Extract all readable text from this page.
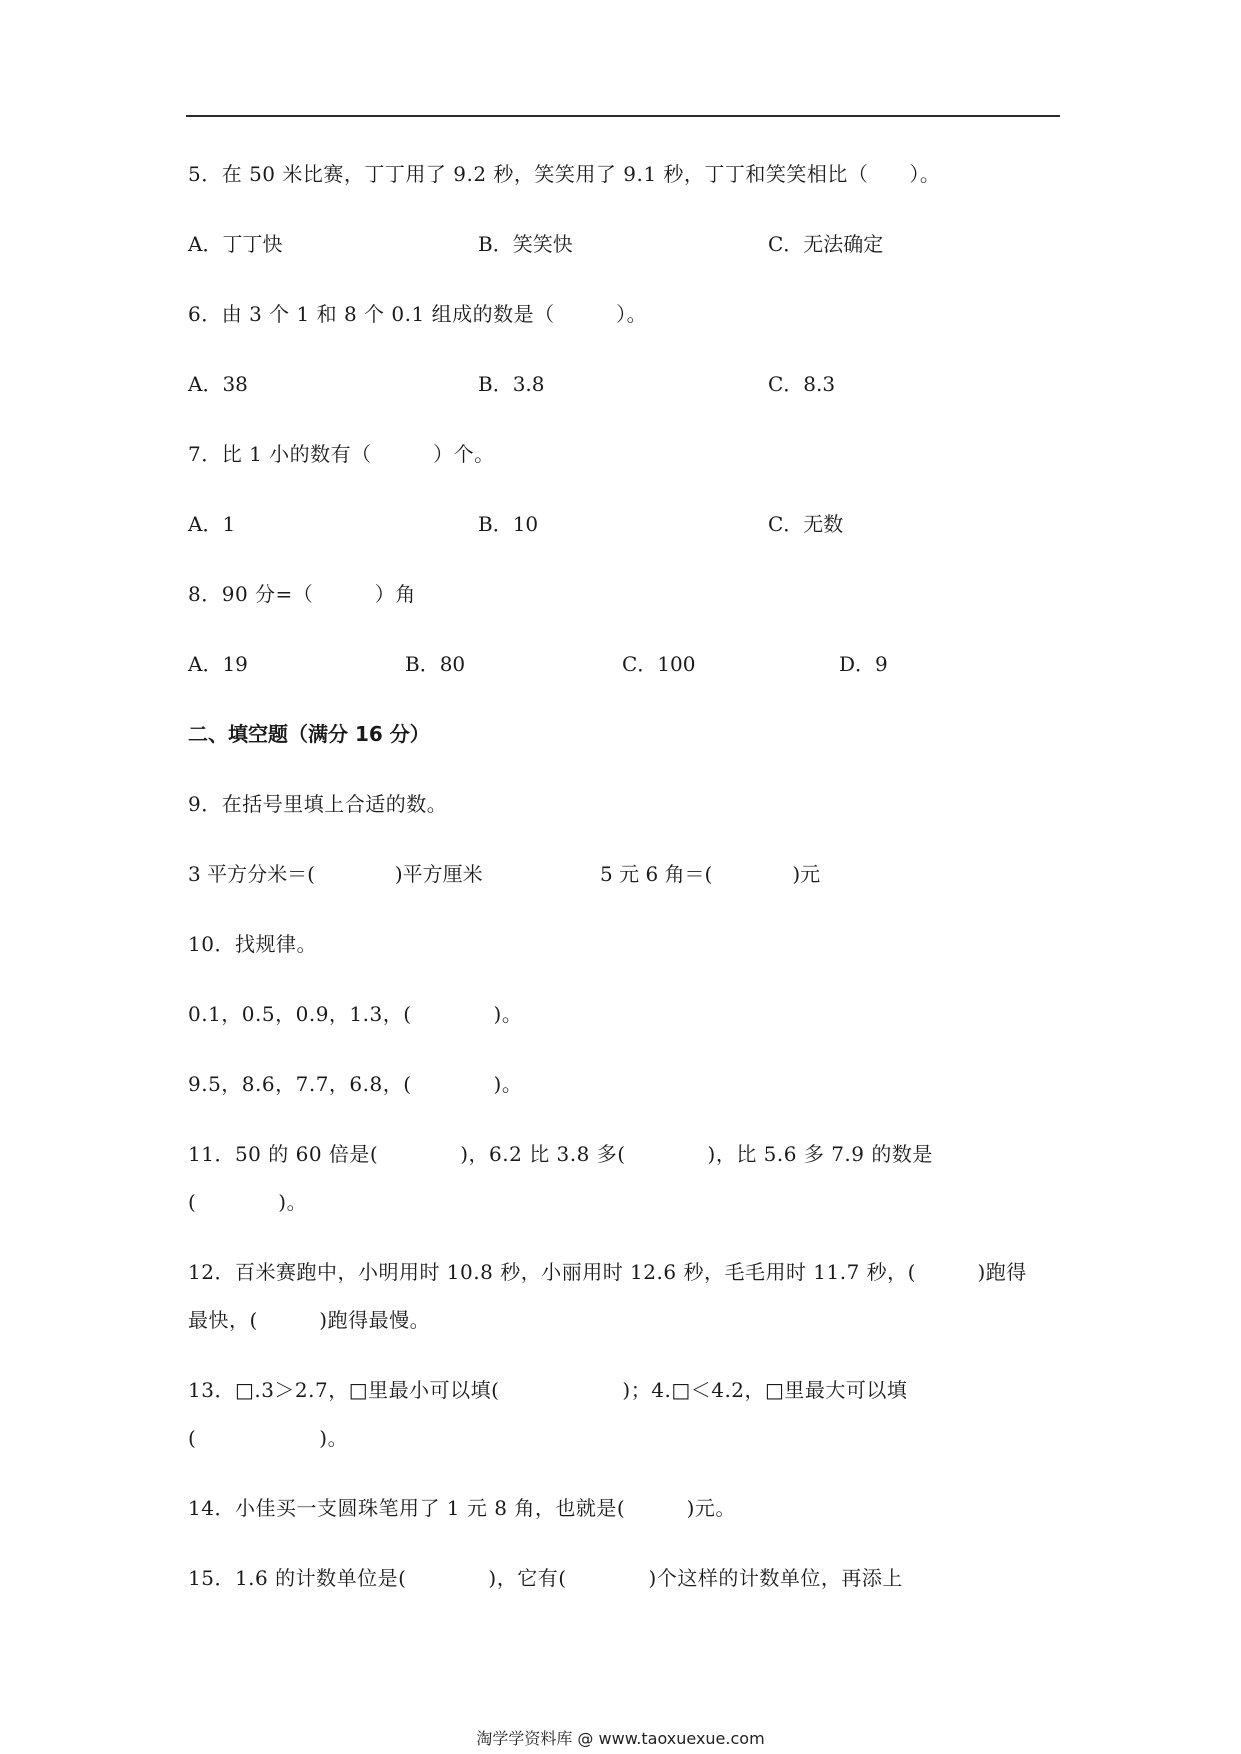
5．在 50 米比赛，丁丁用了 9.2 秒，笑笑用了 9.1 秒，丁丁和笑笑相比（　　）。
A．丁丁快	B．笑笑快	C．无法确定
6．由 3 个 1 和 8 个 0.1 组成的数是（　　　）。
A．38	B．3.8	C．8.3
7．比 1 小的数有（　　　）个。
A．1	B．10	C．无数
8．90 分=（　　　）角
A．19	B．80	C．100	D．9
二、填空题（满分 16 分）
9．在括号里填上合适的数。
3 平方分米＝(　　　　)平方厘米	5 元 6 角＝(　　　　)元
10．找规律。
0.1，0.5，0.9，1.3，(　　　　)。
9.5，8.6，7.7，6.8，(　　　　)。
11．50 的 60 倍是(　　　　)，6.2 比 3.8 多(　　　　)，比 5.6 多 7.9 的数是
(　　　　)。
12．百米赛跑中，小明用时 10.8 秒，小丽用时 12.6 秒，毛毛用时 11.7 秒，(　　　)跑得
最快，(　　　)跑得最慢。
13．□.3＞2.7，□里最小可以填(　　　　　　)；4.□＜4.2，□里最大可以填
(　　　　　　)。
14．小佳买一支圆珠笔用了 1 元 8 角，也就是(　　　)元。
15．1.6 的计数单位是(　　　　)，它有(　　　　)个这样的计数单位，再添上
淘学学资料库 @ www.taoxuexue.com
